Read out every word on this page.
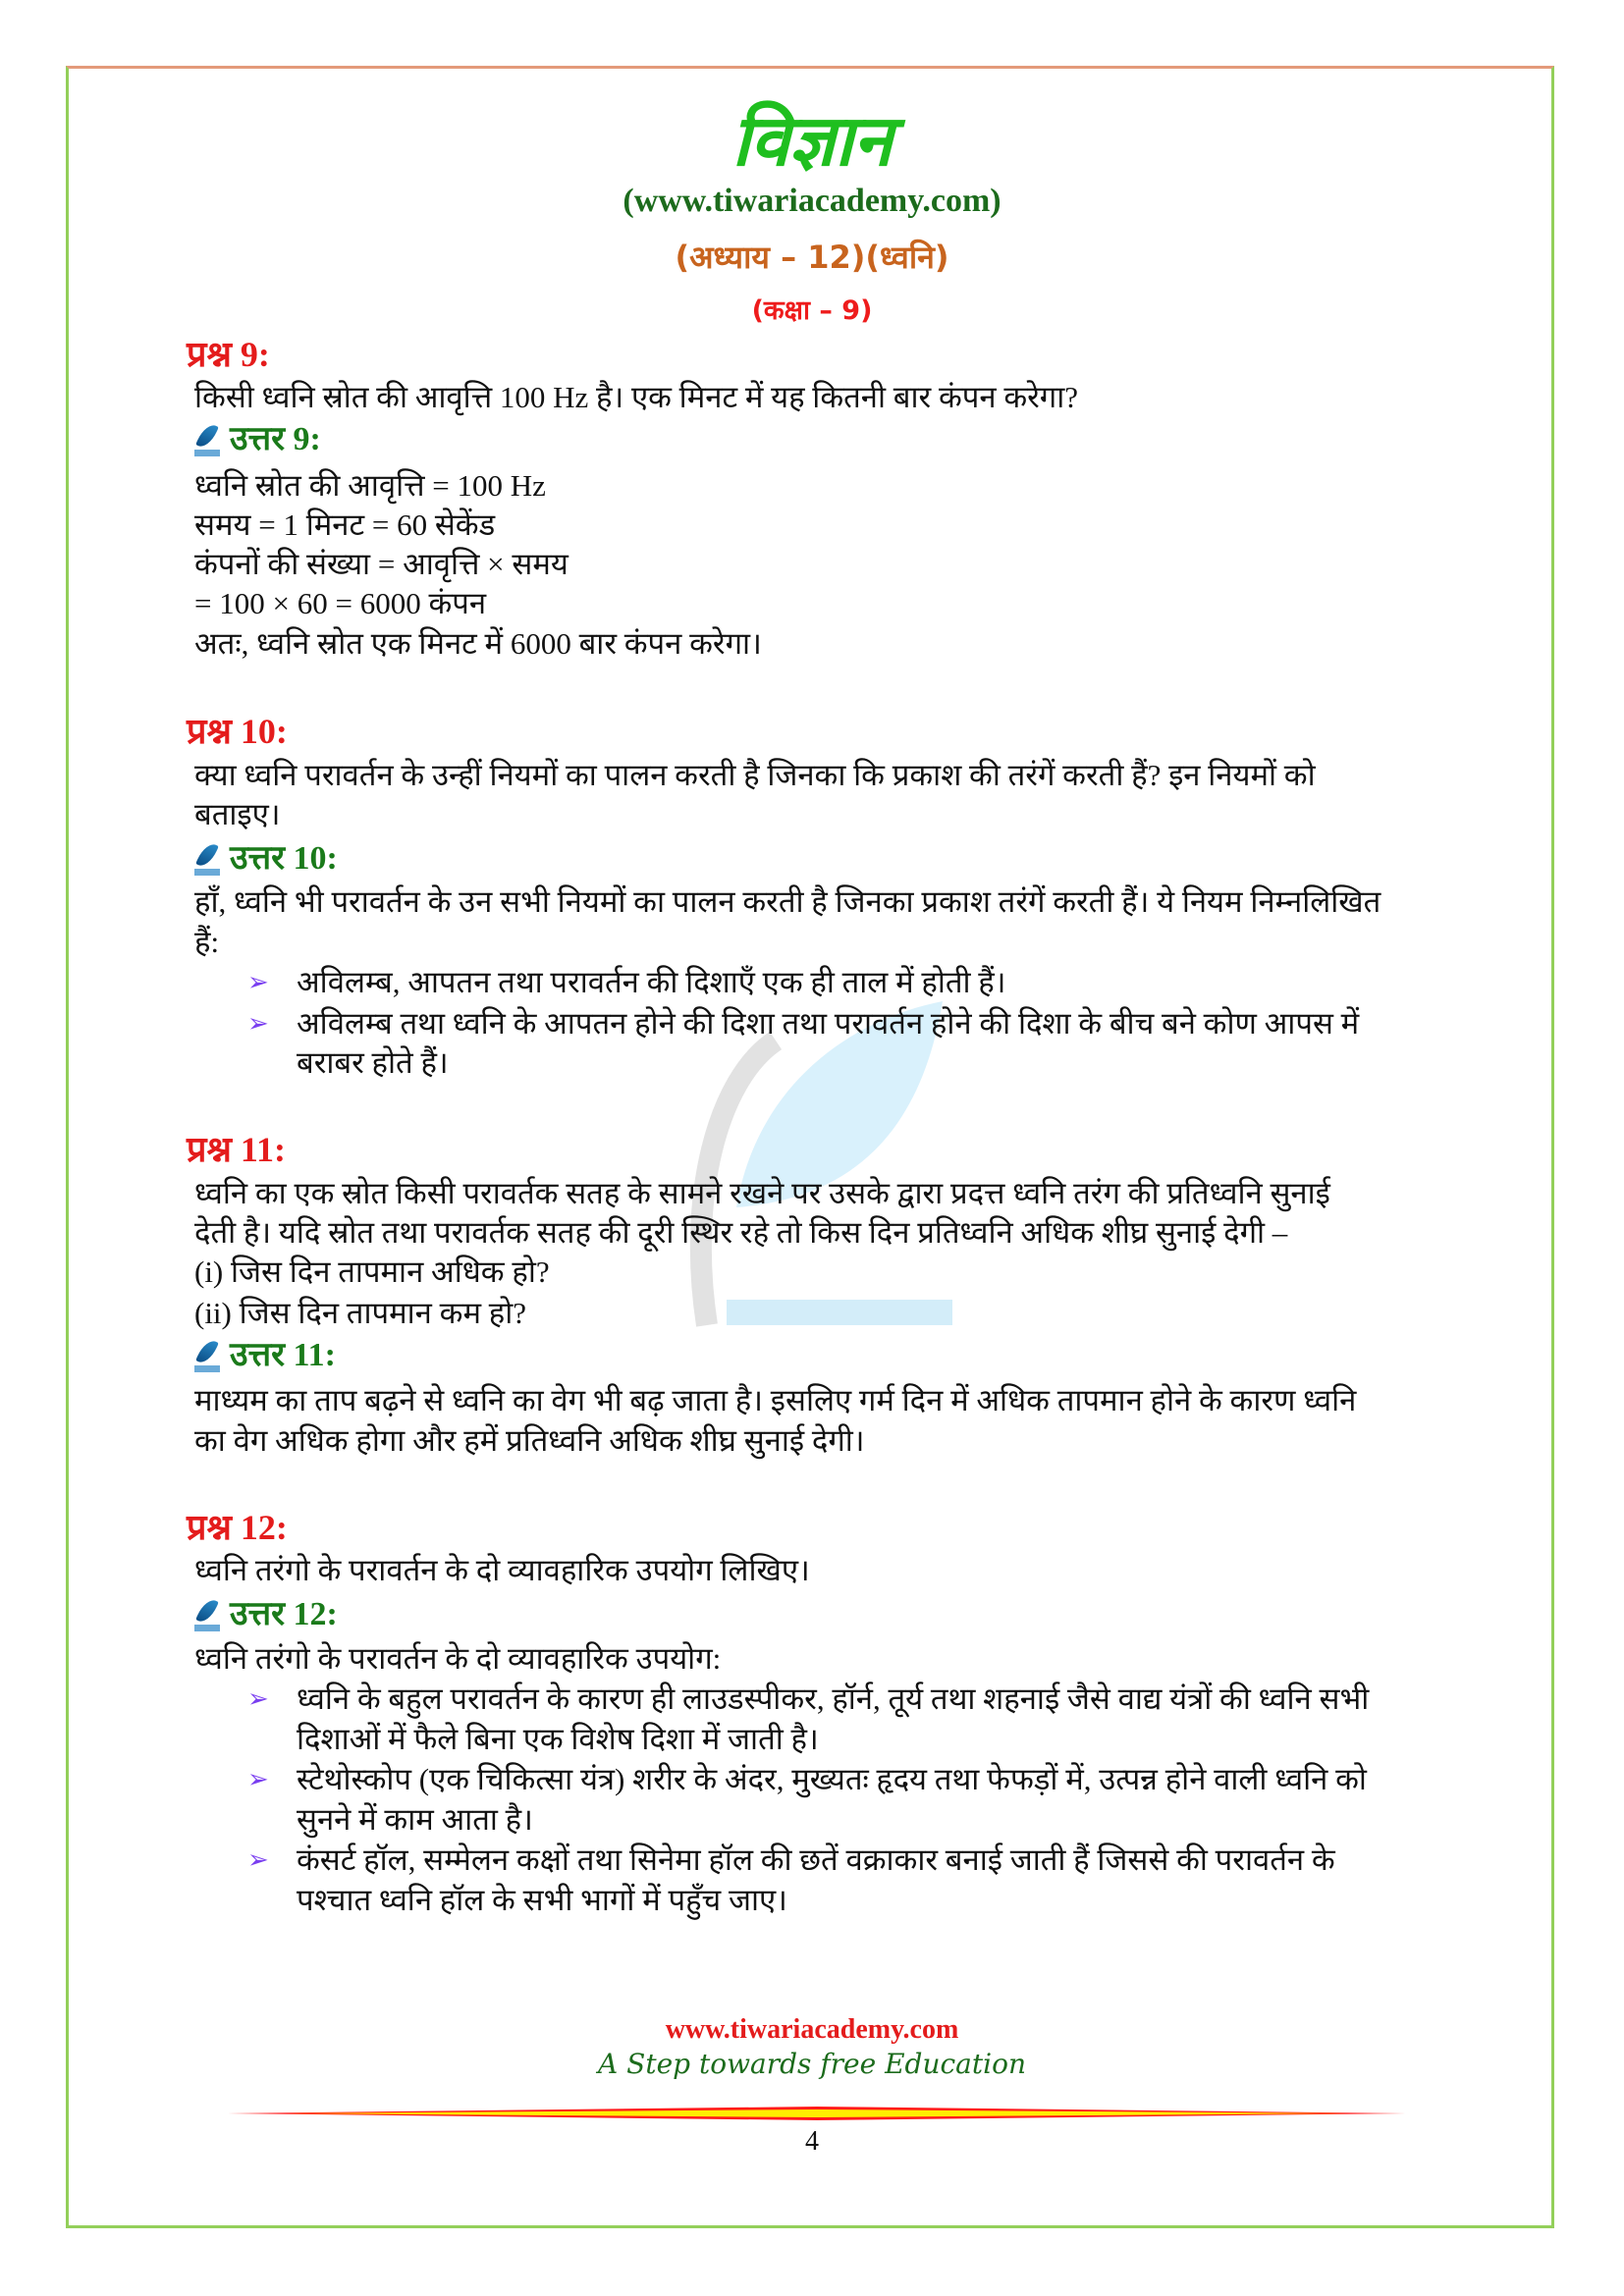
विज्ञान
(www.tiwariacademy.com)
(अध्याय – 12)(ध्वनि)
(कक्षा – 9)
प्रश्न 9:
किसी ध्वनि स्रोत की आवृत्ति 100 Hz है। एक मिनट में यह कितनी बार कंपन करेगा?
उत्तर 9:
ध्वनि स्रोत की आवृत्ति = 100 Hz
समय = 1 मिनट = 60 सेकेंड
कंपनों की संख्या = आवृत्ति × समय
= 100 × 60 = 6000 कंपन
अतः, ध्वनि स्रोत एक मिनट में 6000 बार कंपन करेगा।
प्रश्न 10:
क्या ध्वनि परावर्तन के उन्हीं नियमों का पालन करती है जिनका कि प्रकाश की तरंगें करती हैं? इन नियमों को
बताइए।
उत्तर 10:
हाँ, ध्वनि भी परावर्तन के उन सभी नियमों का पालन करती है जिनका प्रकाश तरंगें करती हैं। ये नियम निम्नलिखित
हैं:
➢ अविलम्ब, आपतन तथा परावर्तन की दिशाएँ एक ही ताल में होती हैं।
➢ अविलम्ब तथा ध्वनि के आपतन होने की दिशा तथा परावर्तन होने की दिशा के बीच बने कोण आपस में
बराबर होते हैं।
प्रश्न 11:
ध्वनि का एक स्रोत किसी परावर्तक सतह के सामने रखने पर उसके द्वारा प्रदत्त ध्वनि तरंग की प्रतिध्वनि सुनाई
देती है। यदि स्रोत तथा परावर्तक सतह की दूरी स्थिर रहे तो किस दिन प्रतिध्वनि अधिक शीघ्र सुनाई देगी –
(i) जिस दिन तापमान अधिक हो?
(ii) जिस दिन तापमान कम हो?
उत्तर 11:
माध्यम का ताप बढ़ने से ध्वनि का वेग भी बढ़ जाता है। इसलिए गर्म दिन में अधिक तापमान होने के कारण ध्वनि
का वेग अधिक होगा और हमें प्रतिध्वनि अधिक शीघ्र सुनाई देगी।
प्रश्न 12:
ध्वनि तरंगो के परावर्तन के दो व्यावहारिक उपयोग लिखिए।
उत्तर 12:
ध्वनि तरंगो के परावर्तन के दो व्यावहारिक उपयोग:
➢ ध्वनि के बहुल परावर्तन के कारण ही लाउडस्पीकर, हॉर्न, तूर्य तथा शहनाई जैसे वाद्य यंत्रों की ध्वनि सभी
दिशाओं में फैले बिना एक विशेष दिशा में जाती है।
➢ स्टेथोस्कोप (एक चिकित्सा यंत्र) शरीर के अंदर, मुख्यतः हृदय तथा फेफड़ों में, उत्पन्न होने वाली ध्वनि को
सुनने में काम आता है।
➢ कंसर्ट हॉल, सम्मेलन कक्षों तथा सिनेमा हॉल की छतें वक्राकार बनाई जाती हैं जिससे की परावर्तन के
पश्चात ध्वनि हॉल के सभी भागों में पहुँच जाए।
www.tiwariacademy.com
A Step towards free Education
4
